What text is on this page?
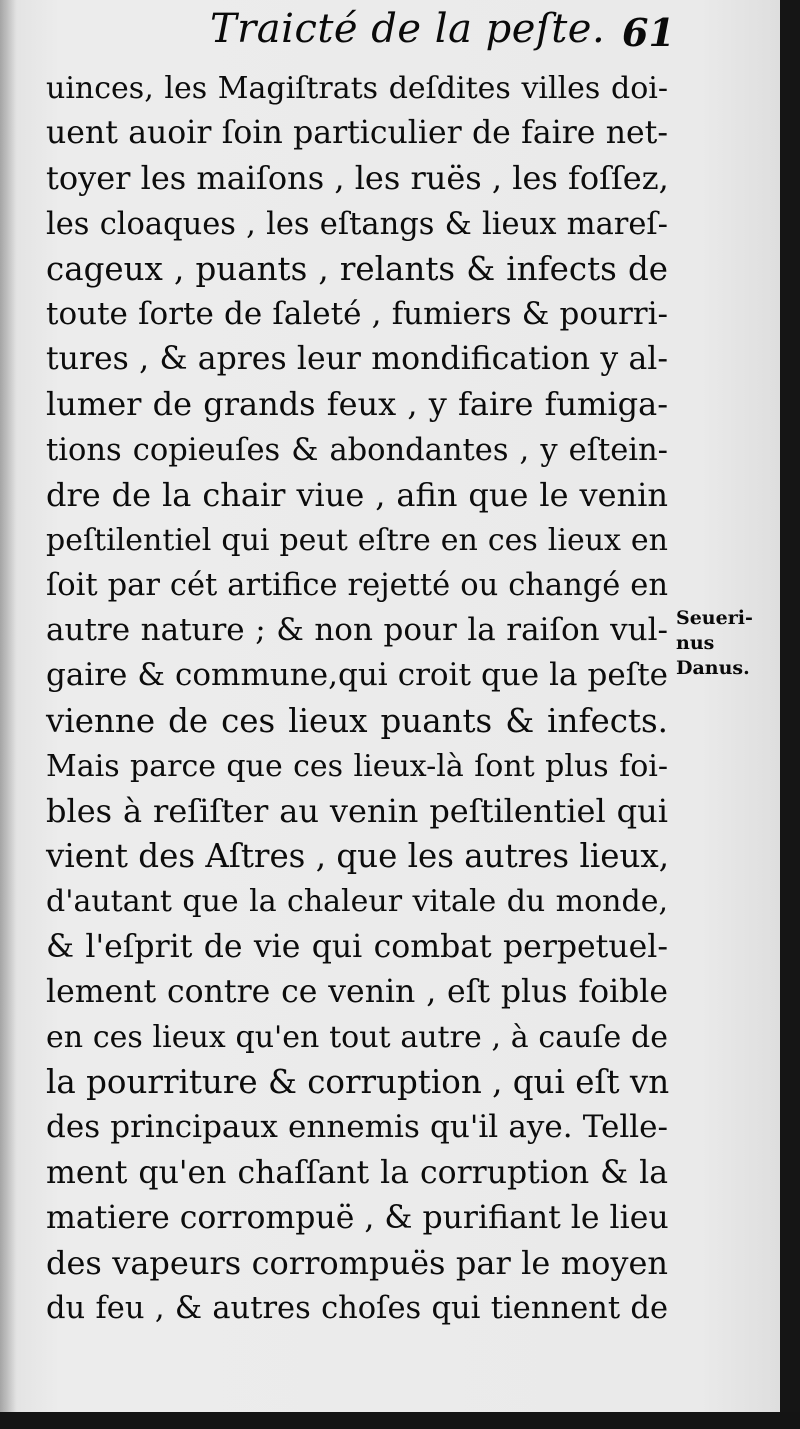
Traicté de la peſte. 61
uinces, les Magiſtrats deſdites villes doi-
uent auoir ſoin particulier de faire net-
toyer les maiſons , les ruës , les foſſez,
les cloaques , les eſtangs & lieux mareſ-
cageux , puants , relants & infects de
toute ſorte de ſaleté , fumiers & pourri-
tures , & apres leur mondification y al-
lumer de grands feux , y faire fumiga-
tions copieuſes & abondantes , y eſtein-
dre de la chair viue , afin que le venin
peſtilentiel qui peut eſtre en ces lieux en
ſoit par cét artifice rejetté ou changé en
autre nature ; & non pour la raiſon vul-
gaire & commune,qui croit que la peſte
vienne de ces lieux puants & infects.
Mais parce que ces lieux-là ſont plus foi-
bles à reſiſter au venin peſtilentiel qui
vient des Aſtres , que les autres lieux,
d'autant que la chaleur vitale du monde,
& l'eſprit de vie qui combat perpetuel-
lement contre ce venin , eſt plus foible
en ces lieux qu'en tout autre , à cauſe de
la pourriture & corruption , qui eſt vn
des principaux ennemis qu'il aye. Telle-
ment qu'en chaſſant la corruption & la
matiere corrompuë , & purifiant le lieu
des vapeurs corrompuës par le moyen
du feu , & autres choſes qui tiennent de
Seueri-
nus
Danus.
